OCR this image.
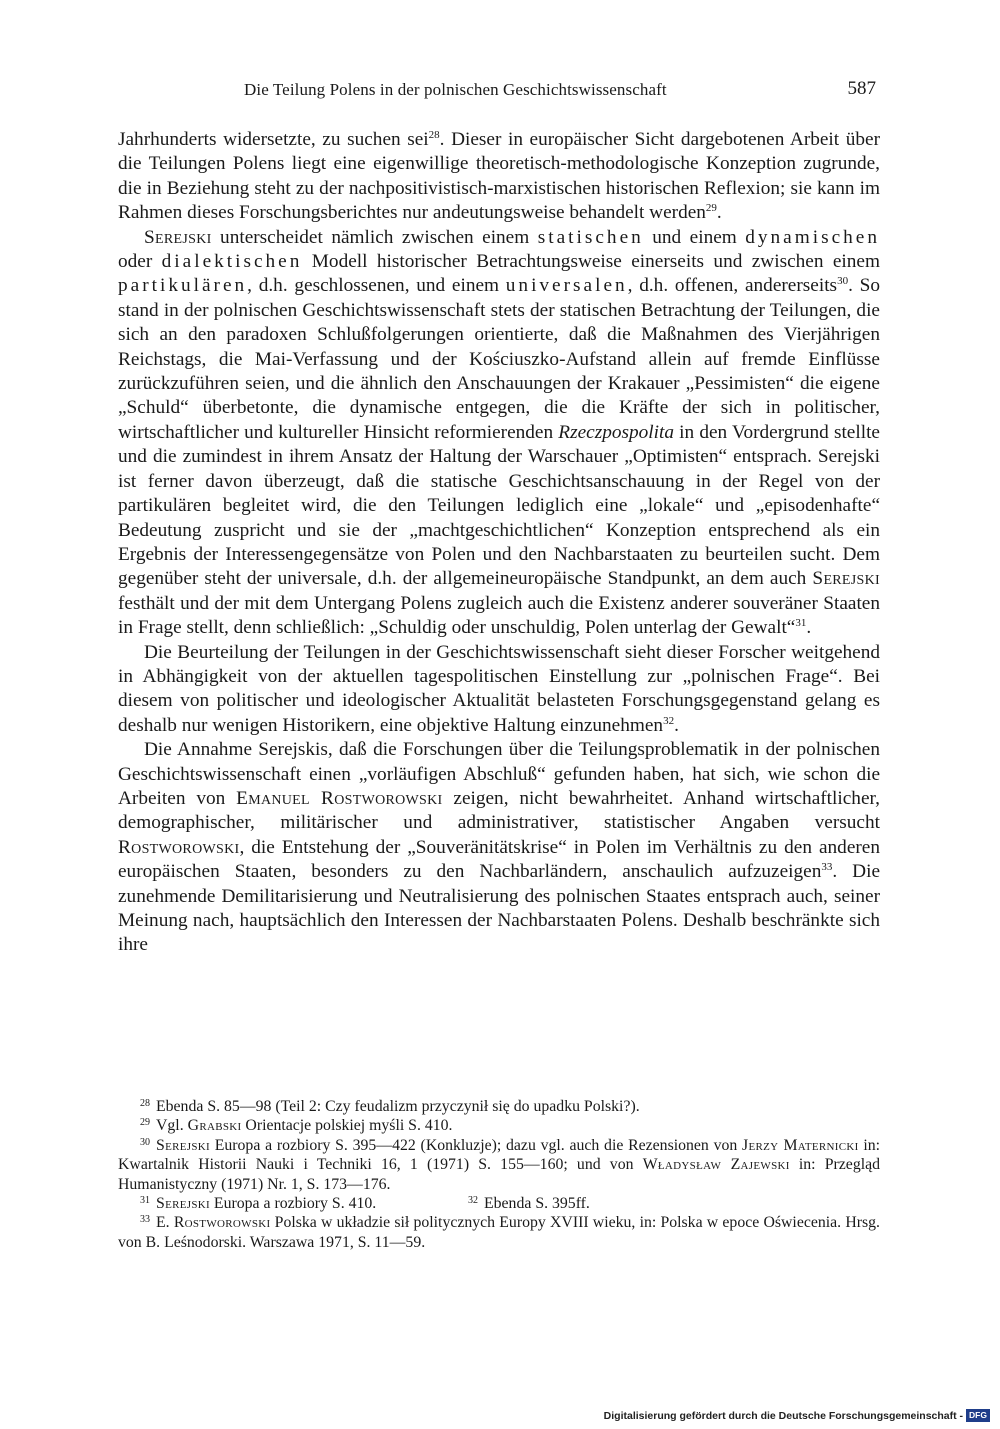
Die Teilung Polens in der polnischen Geschichtswissenschaft	587

Jahrhunderts widersetzte, zu suchen sei$^{28}$. Dieser in europäischer Sicht dargebotenen Arbeit über die Teilungen Polens liegt eine eigenwillige theoretisch-methodologische Konzeption zugrunde, die in Beziehung steht zu der nachpositivistisch-marxistischen historischen Reflexion; sie kann im Rahmen dieses Forschungsberichtes nur andeutungsweise behandelt werden$^{29}$.

Serejski unterscheidet nämlich zwischen einem statischen und einem dynamischen oder dialektischen Modell historischer Betrachtungsweise einerseits und zwischen einem partikulären, d.h. geschlossenen, und einem universalen, d.h. offenen, andererseits$^{30}$. So stand in der polnischen Geschichtswissenschaft stets der statischen Betrachtung der Teilungen, die sich an den paradoxen Schlußfolgerungen orientierte, daß die Maßnahmen des Vierjährigen Reichstags, die Mai-Verfassung und der Kościuszko-Aufstand allein auf fremde Einflüsse zurückzuführen seien, und die ähnlich den Anschauungen der Krakauer „Pessimisten“ die eigene „Schuld“ überbetonte, die dynamische entgegen, die die Kräfte der sich in politischer, wirtschaftlicher und kultureller Hinsicht reformierenden Rzeczpospolita in den Vordergrund stellte und die zumindest in ihrem Ansatz der Haltung der Warschauer „Optimisten“ entsprach. Serejski ist ferner davon überzeugt, daß die statische Geschichtsanschauung in der Regel von der partikulären begleitet wird, die den Teilungen lediglich eine „lokale“ und „episodenhafte“ Bedeutung zuspricht und sie der „machtgeschichtlichen“ Konzeption entsprechend als ein Ergebnis der Interessengegensätze von Polen und den Nachbarstaaten zu beurteilen sucht. Dem gegenüber steht der universale, d.h. der allgemeineuropäische Standpunkt, an dem auch Serejski festhält und der mit dem Untergang Polens zugleich auch die Existenz anderer souveräner Staaten in Frage stellt, denn schließlich: „Schuldig oder unschuldig, Polen unterlag der Gewalt“$^{31}$.

Die Beurteilung der Teilungen in der Geschichtswissenschaft sieht dieser Forscher weitgehend in Abhängigkeit von der aktuellen tagespolitischen Einstellung zur „polnischen Frage“. Bei diesem von politischer und ideologischer Aktualität belasteten Forschungsgegenstand gelang es deshalb nur wenigen Historikern, eine objektive Haltung einzunehmen$^{32}$.

Die Annahme Serejskis, daß die Forschungen über die Teilungsproblematik in der polnischen Geschichtswissenschaft einen „vorläufigen Abschluß“ gefunden haben, hat sich, wie schon die Arbeiten von Emanuel Rostworowski zeigen, nicht bewahrheitet. Anhand wirtschaftlicher, demographischer, militärischer und administrativer, statistischer Angaben versucht Rostworowski, die Entstehung der „Souveränitätskrise“ in Polen im Verhältnis zu den anderen europäischen Staaten, besonders zu den Nachbarländern, anschaulich aufzuzeigen$^{33}$. Die zunehmende Demilitarisierung und Neutralisierung des polnischen Staates entsprach auch, seiner Meinung nach, hauptsächlich den Interessen der Nachbarstaaten Polens. Deshalb beschränkte sich ihre

$^{28}$ Ebenda S. 85—98 (Teil 2: Czy feudalizm przyczynił się do upadku Polski?).

$^{29}$ Vgl. Grabski Orientacje polskiej myśli S. 410.

$^{30}$ Serejski Europa a rozbiory S. 395—422 (Konkluzje); dazu vgl. auch die Rezensionen von Jerzy Maternicki in: Kwartalnik Historii Nauki i Techniki 16, 1 (1971) S. 155—160; und von Władysław Zajewski in: Przegląd Humanistyczny (1971) Nr. 1, S. 173—176.

$^{31}$ Serejski Europa a rozbiory S. 410.	$^{32}$ Ebenda S. 395ff.

$^{33}$ E. Rostworowski Polska w układzie sił politycznych Europy XVIII wieku, in: Polska w epoce Oświecenia. Hrsg. von B. Leśnodorski. Warszawa 1971, S. 11—59.

Digitalisierung gefördert durch die Deutsche Forschungsgemeinschaft - DFG
